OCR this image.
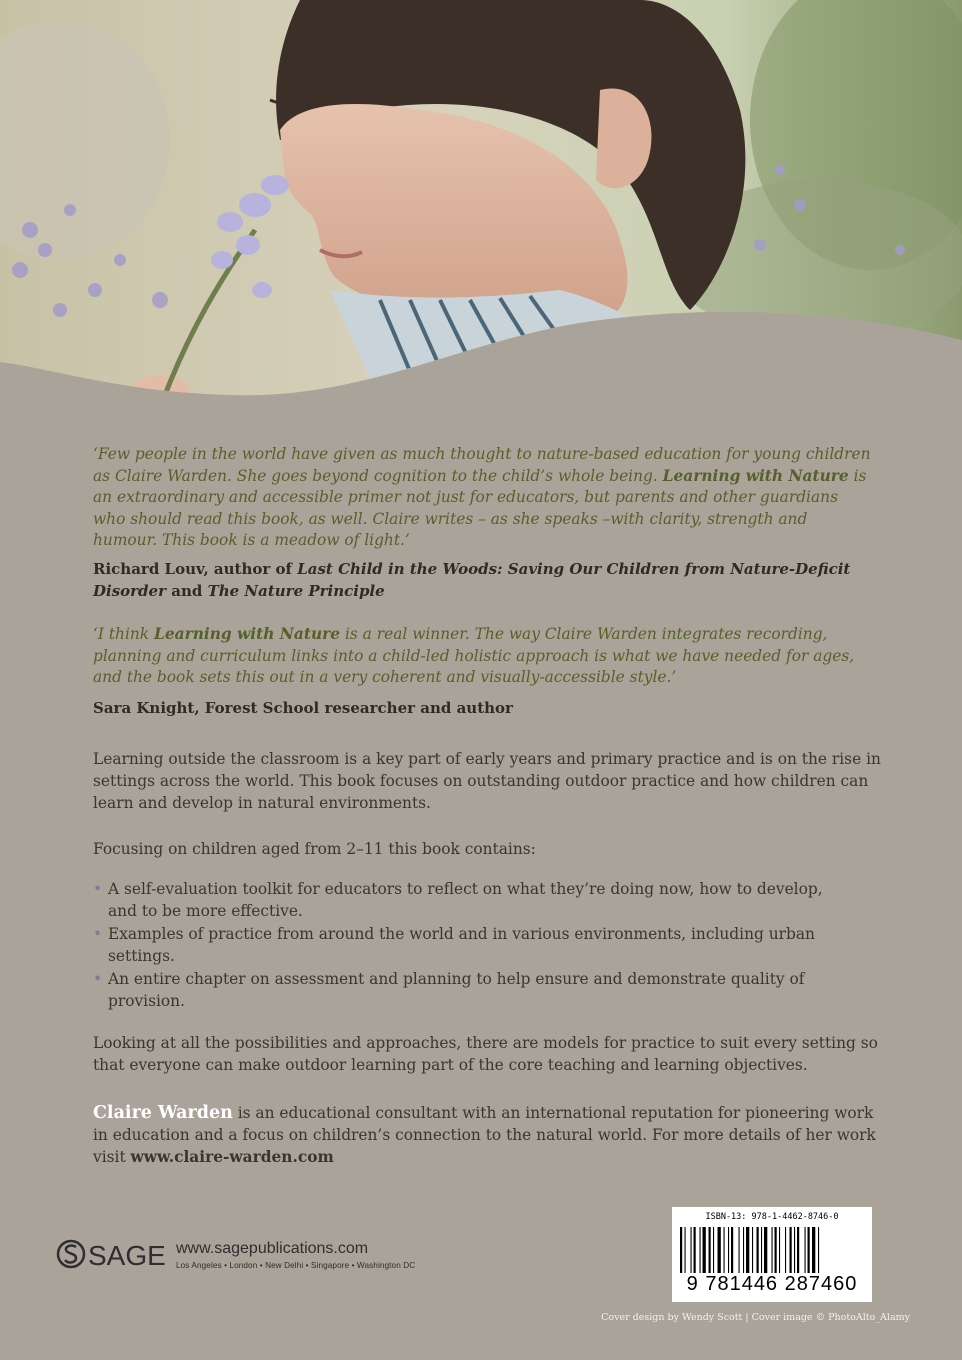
‘Few people in the world have given as much thought to nature-based education for young children as Claire Warden. She goes beyond cognition to the child’s whole being. Learning with Nature is an extraordinary and accessible primer not just for educators, but parents and other guardians who should read this book, as well. Claire writes – as she speaks –with clarity, strength and humour. This book is a meadow of light.’

Richard Louv, author of Last Child in the Woods: Saving Our Children from Nature-Deficit Disorder and The Nature Principle

‘I think Learning with Nature is a real winner. The way Claire Warden integrates recording, planning and curriculum links into a child-led holistic approach is what we have needed for ages, and the book sets this out in a very coherent and visually-accessible style.’

Sara Knight, Forest School researcher and author

Learning outside the classroom is a key part of early years and primary practice and is on the rise in settings across the world. This book focuses on outstanding outdoor practice and how children can learn and develop in natural environments.

Focusing on children aged from 2–11 this book contains:

• A self-evaluation toolkit for educators to reflect on what they’re doing now, how to develop, and to be more effective.
• Examples of practice from around the world and in various environments, including urban settings.
• An entire chapter on assessment and planning to help ensure and demonstrate quality of provision.

Looking at all the possibilities and approaches, there are models for practice to suit every setting so that everyone can make outdoor learning part of the core teaching and learning objectives.

Claire Warden is an educational consultant with an international reputation for pioneering work in education and a focus on children’s connection to the natural world. For more details of her work visit www.claire-warden.com

SAGE www.sagepublications.com
Los Angeles • London • New Delhi • Singapore • Washington DC
ISBN-13: 978-1-4462-8746-0
9 781446 287460
Cover design by Wendy Scott | Cover image © PhotoAlto_Alamy
